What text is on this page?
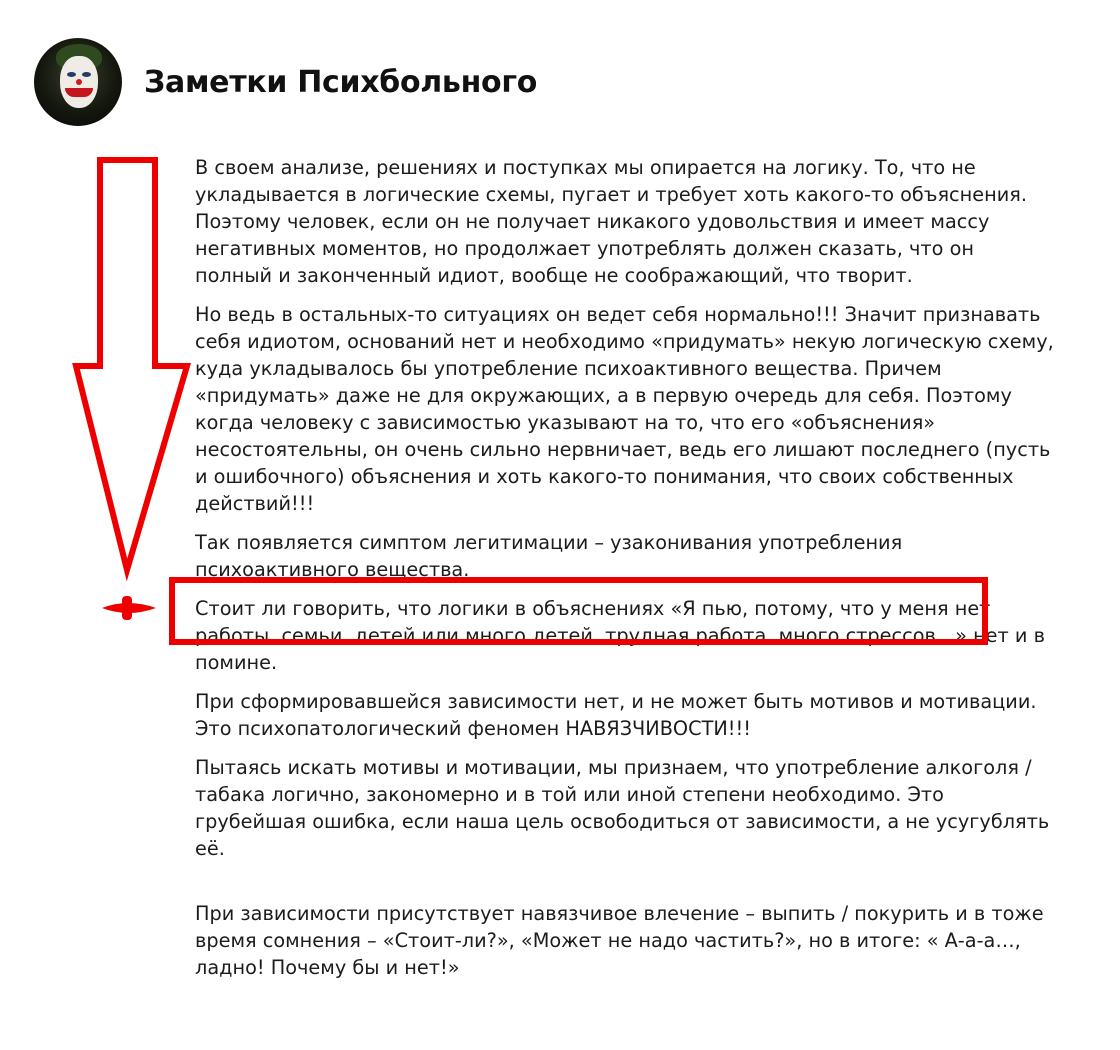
Заметки Психбольного

В своем анализе, решениях и поступках мы опирается на логику. То, что не укладывается в логические схемы, пугает и требует хоть какого-то объяснения. Поэтому человек, если он не получает никакого удовольствия и имеет массу негативных моментов, но продолжает употреблять должен сказать, что он полный и законченный идиот, вообще не соображающий, что творит.

Но ведь в остальных-то ситуациях он ведет себя нормально!!! Значит признавать себя идиотом, оснований нет и необходимо «придумать» некую логическую схему, куда укладывалось бы употребление психоактивного вещества. Причем «придумать» даже не для окружающих, а в первую очередь для себя. Поэтому когда человеку с зависимостью указывают на то, что его «объяснения» несостоятельны, он очень сильно нервничает, ведь его лишают последнего (пусть и ошибочного) объяснения и хоть какого-то понимания, что своих собственных действий!!!

Так появляется симптом легитимации – узаконивания употребления психоактивного вещества.

Стоит ли говорить, что логики в объяснениях «Я пью, потому, что у меня нет работы, семьи, детей или много детей, трудная работа, много стрессов…» нет и в помине.

При сформировавшейся зависимости нет, и не может быть мотивов и мотивации. Это психопатологический феномен НАВЯЗЧИВОСТИ!!!

Пытаясь искать мотивы и мотивации, мы признаем, что употребление алкоголя / табака логично, закономерно и в той или иной степени необходимо. Это грубейшая ошибка, если наша цель освободиться от зависимости, а не усугублять её.

При зависимости присутствует навязчивое влечение – выпить / покурить и в тоже время сомнения – «Стоит-ли?», «Может не надо частить?», но в итоге: « А-а-а…, ладно! Почему бы и нет!»
